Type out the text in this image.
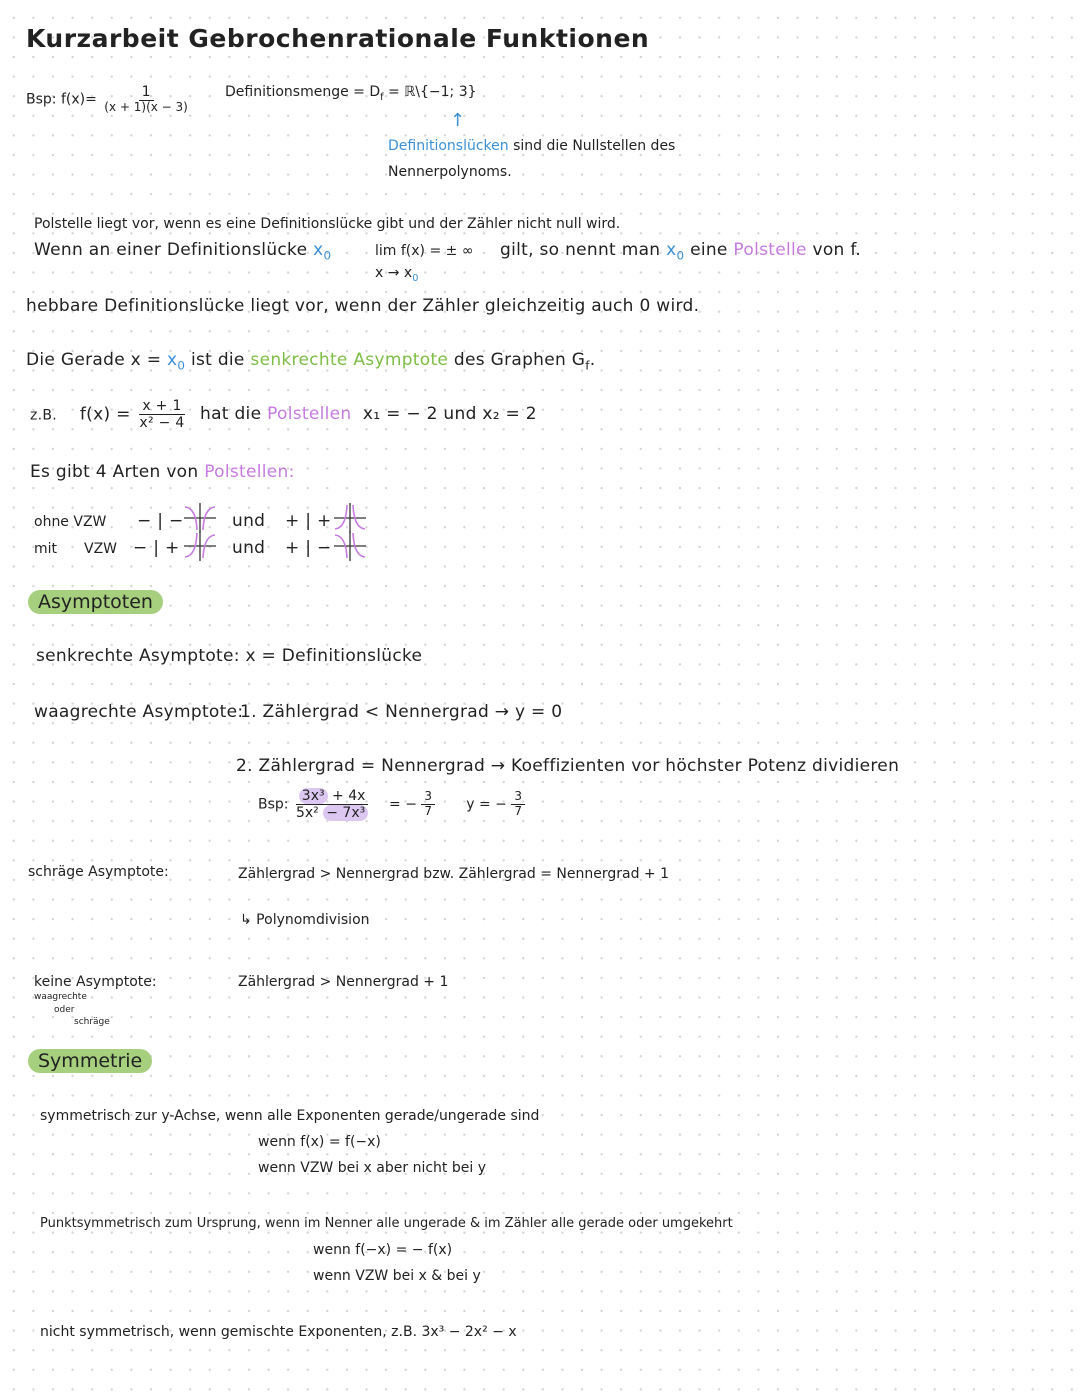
Kurzarbeit Gebrochenrationale Funktionen
Bsp: $f(x)= \frac{1}{(x + 1)(x - 3)}$ Definitionsmenge = $D_f$ = ℝ\{−1; 3}
↑
Definitionslücken sind die Nullstellen des
Nennerpolynoms.
Polstelle liegt vor, wenn es eine Definitionslücke gibt und der Zähler nicht null wird.
Wenn an einer Definitionslücke $x_0$	lim f(x) = ± ∞
$x \to x_0$
gilt, so nennt man $x_0$ eine Polstelle von f.
hebbare Definitionslücke liegt vor, wenn der Zähler gleichzeitig auch 0 wird.
Die Gerade $x = x_0$ ist die senkrechte Asymptote des Graphen $G_f$.
z.B. $f(x) = \frac{x + 1}{\text{x² − 4}}$ hat die Polstellen x₁ = − 2 und x₂ = 2
Es gibt 4 Arten von Polstellen:
ohne VZW − | −	und + | +
mit VZW − | +	und + | −
Asymptoten
senkrechte Asymptote: x = Definitionslücke
waagrechte Asymptote:
1. Zählergrad < Nennergrad → y = 0
2. Zählergrad = Nennergrad → Koeffizienten vor höchster Potenz dividieren
Bsp: $\frac{\text{3x³ + 4x}}{\text{5x² − 7x³}}$ = − $\frac{3}{7}$ y = − $\frac{3}{7}$
schräge Asymptote:	Zählergrad > Nennergrad bzw. Zählergrad = Nennergrad + 1
↳ Polynomdivision
keine Asymptote:
waagrechte
oder
schräge
Zählergrad > Nennergrad + 1
Symmetrie
symmetrisch zur y-Achse, wenn alle Exponenten gerade/ungerade sind
wenn f(x) = f(−x)
wenn VZW bei x aber nicht bei y
Punktsymmetrisch zum Ursprung, wenn im Nenner alle ungerade & im Zähler alle gerade oder umgekehrt
wenn f(−x) = − f(x)
wenn VZW bei x & bei y
nicht symmetrisch, wenn gemischte Exponenten, z.B. 3x³ − 2x² − x
